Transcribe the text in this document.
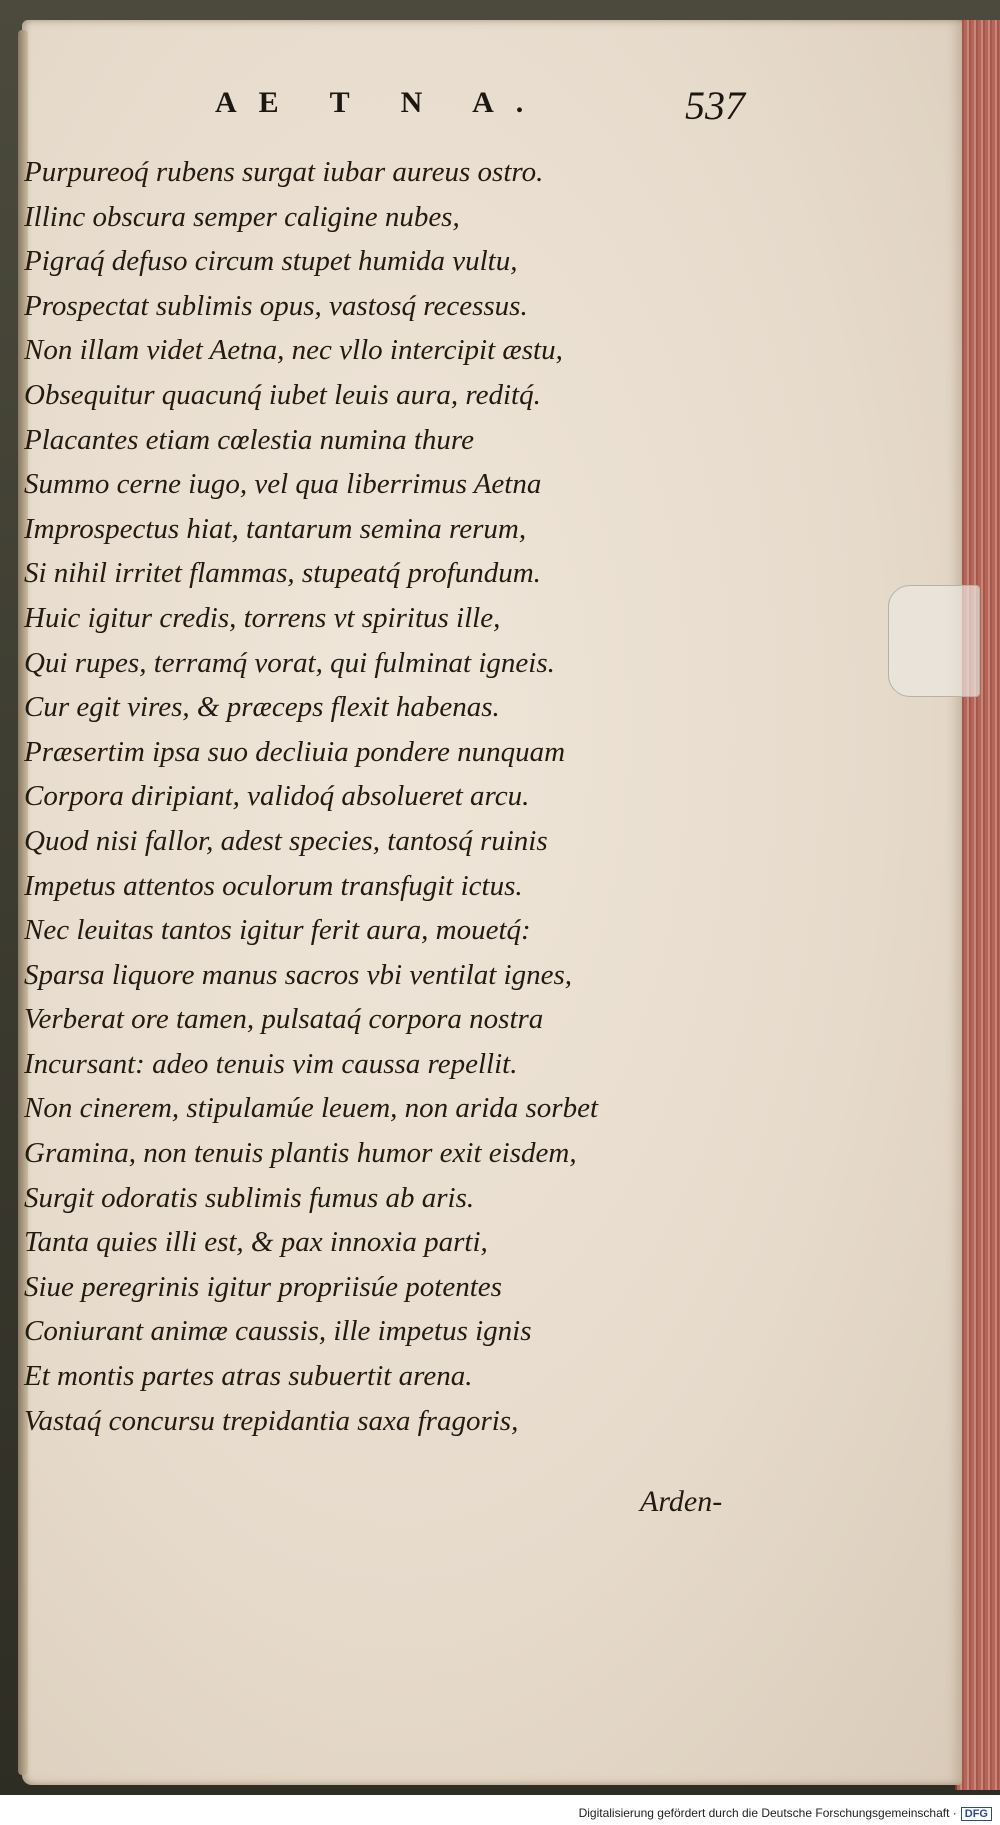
AE T N A.	537
Purpureoq́ rubens surgat iubar aureus ostro.
Illinc obscura semper caligine nubes,
Pigraq́ defuso circum stupet humida vultu,
Prospectat sublimis opus, vastosq́ recessus.
Non illam videt Aetna, nec vllo intercipit æstu,
Obsequitur quacunq́ iubet leuis aura, reditq́.
Placantes etiam cœlestia numina thure
Summo cerne iugo, vel qua liberrimus Aetna
Improspectus hiat, tantarum semina rerum,
Si nihil irritet flammas, stupeatq́ profundum.
Huic igitur credis, torrens vt spiritus ille,
Qui rupes, terramq́ vorat, qui fulminat igneis.
Cur egit vires, & præceps flexit habenas.
Præsertim ipsa suo decliuia pondere nunquam
Corpora diripiant, validoq́ absolueret arcu.
Quod nisi fallor, adest species, tantosq́ ruinis
Impetus attentos oculorum transfugit ictus.
Nec leuitas tantos igitur ferit aura, mouetq́:
Sparsa liquore manus sacros vbi ventilat ignes,
Verberat ore tamen, pulsataq́ corpora nostra
Incursant: adeo tenuis vim caussa repellit.
Non cinerem, stipulamúe leuem, non arida sorbet
Gramina, non tenuis plantis humor exit eisdem,
Surgit odoratis sublimis fumus ab aris.
Tanta quies illi est, & pax innoxia parti,
Siue peregrinis igitur propriisúe potentes
Coniurant animæ caussis, ille impetus ignis
Et montis partes atras subuertit arena.
Vastaq́ concursu trepidantia saxa fragoris,
Arden-
Digitalisierung gefördert durch die Deutsche Forschungsgemeinschaft · DFG
